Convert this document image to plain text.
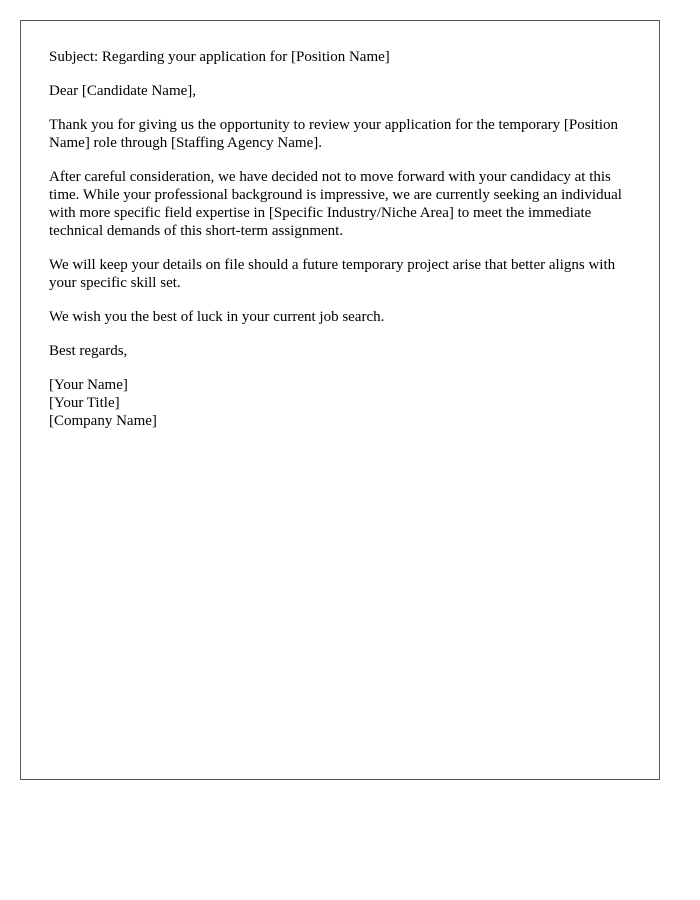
Subject: Regarding your application for [Position Name]

Dear [Candidate Name],

Thank you for giving us the opportunity to review your application for the temporary [Position Name] role through [Staffing Agency Name].

After careful consideration, we have decided not to move forward with your candidacy at this time. While your professional background is impressive, we are currently seeking an individual with more specific field expertise in [Specific Industry/Niche Area] to meet the immediate technical demands of this short-term assignment.

We will keep your details on file should a future temporary project arise that better aligns with your specific skill set.

We wish you the best of luck in your current job search.

Best regards,

[Your Name]
[Your Title]
[Company Name]
